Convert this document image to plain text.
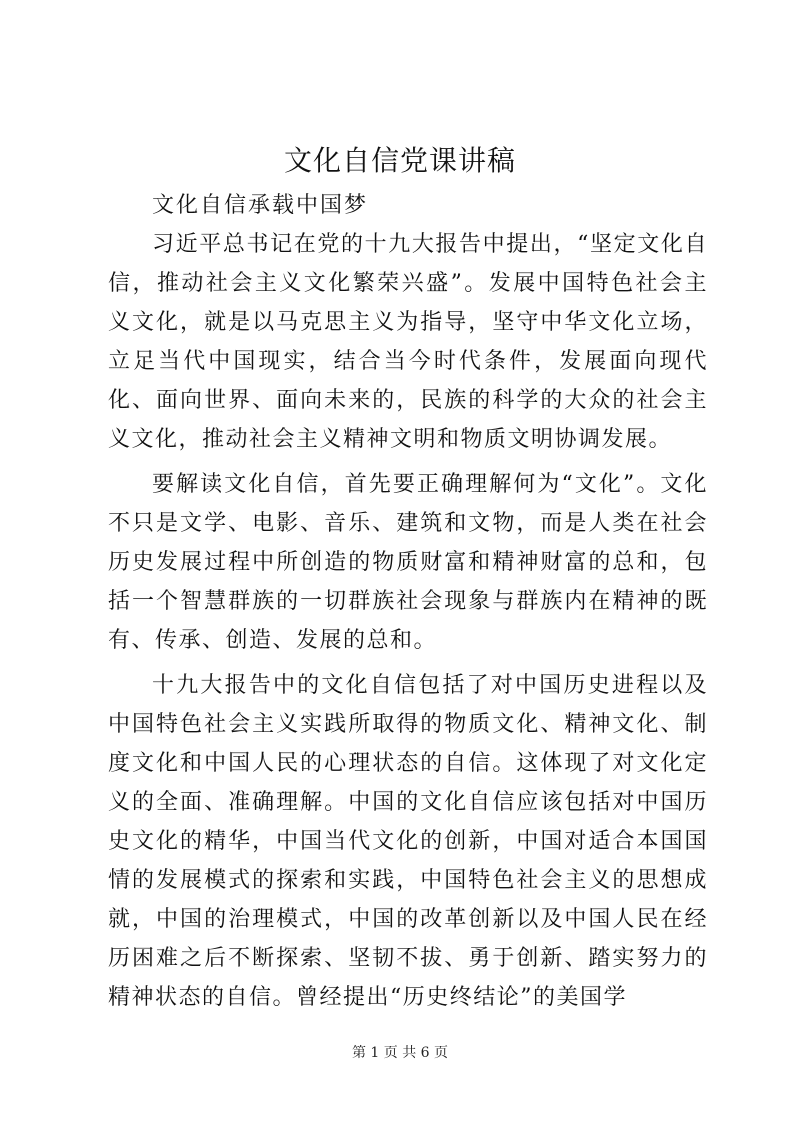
文化自信党课讲稿

文化自信承载中国梦

习近平总书记在党的十九大报告中提出，“坚定文化自信，推动社会主义文化繁荣兴盛”。发展中国特色社会主义文化，就是以马克思主义为指导，坚守中华文化立场，立足当代中国现实，结合当今时代条件，发展面向现代化、面向世界、面向未来的，民族的科学的大众的社会主义文化，推动社会主义精神文明和物质文明协调发展。

要解读文化自信，首先要正确理解何为“文化”。文化不只是文学、电影、音乐、建筑和文物，而是人类在社会历史发展过程中所创造的物质财富和精神财富的总和，包括一个智慧群族的一切群族社会现象与群族内在精神的既有、传承、创造、发展的总和。

十九大报告中的文化自信包括了对中国历史进程以及中国特色社会主义实践所取得的物质文化、精神文化、制度文化和中国人民的心理状态的自信。这体现了对文化定义的全面、准确理解。中国的文化自信应该包括对中国历史文化的精华，中国当代文化的创新，中国对适合本国国情的发展模式的探索和实践，中国特色社会主义的思想成就，中国的治理模式，中国的改革创新以及中国人民在经历困难之后不断探索、坚韧不拔、勇于创新、踏实努力的精神状态的自信。曾经提出“历史终结论”的美国学

第 1 页 共 6 页
